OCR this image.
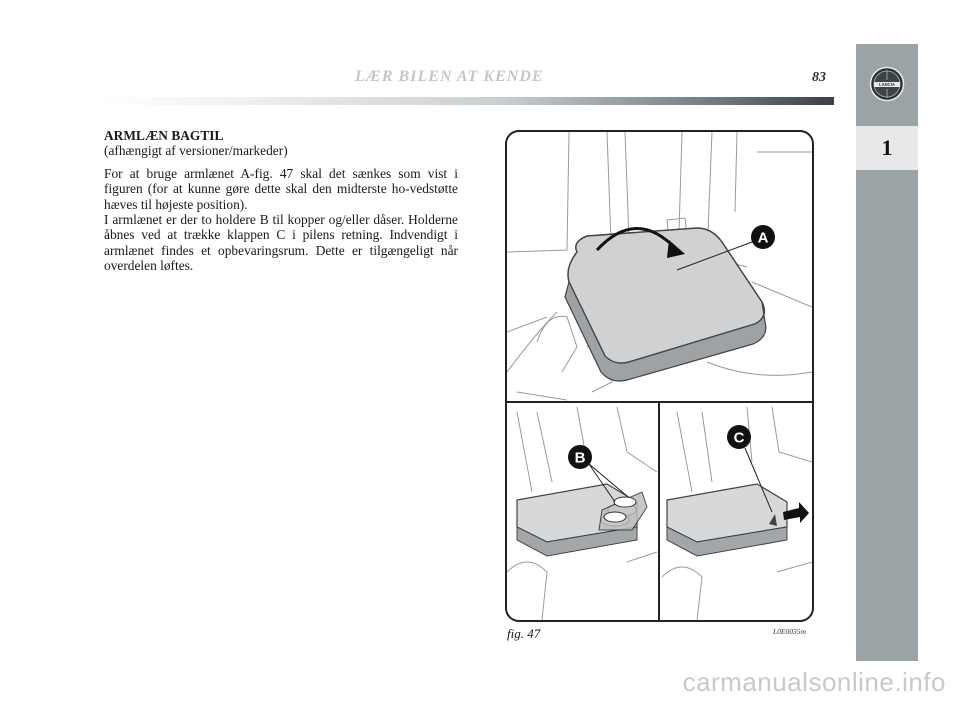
LÆR BILEN AT KENDE	83	LANCIA
1
ARMLÆN BAGTIL
(afhængigt af versioner/markeder)
For at bruge armlænet A-fig. 47 skal det sænkes som vist i figuren (for at kunne gøre dette skal den midterste ho-vedstøtte hæves til højeste position).
I armlænet er der to holdere B til kopper og/eller dåser. Holderne åbnes ved at trække klappen C i pilens retning. Indvendigt i armlænet findes et opbevaringsrum. Dette er tilgængeligt når overdelen løftes.
A
B
C
fig. 47	L0E0035m
carmanualsonline.info
